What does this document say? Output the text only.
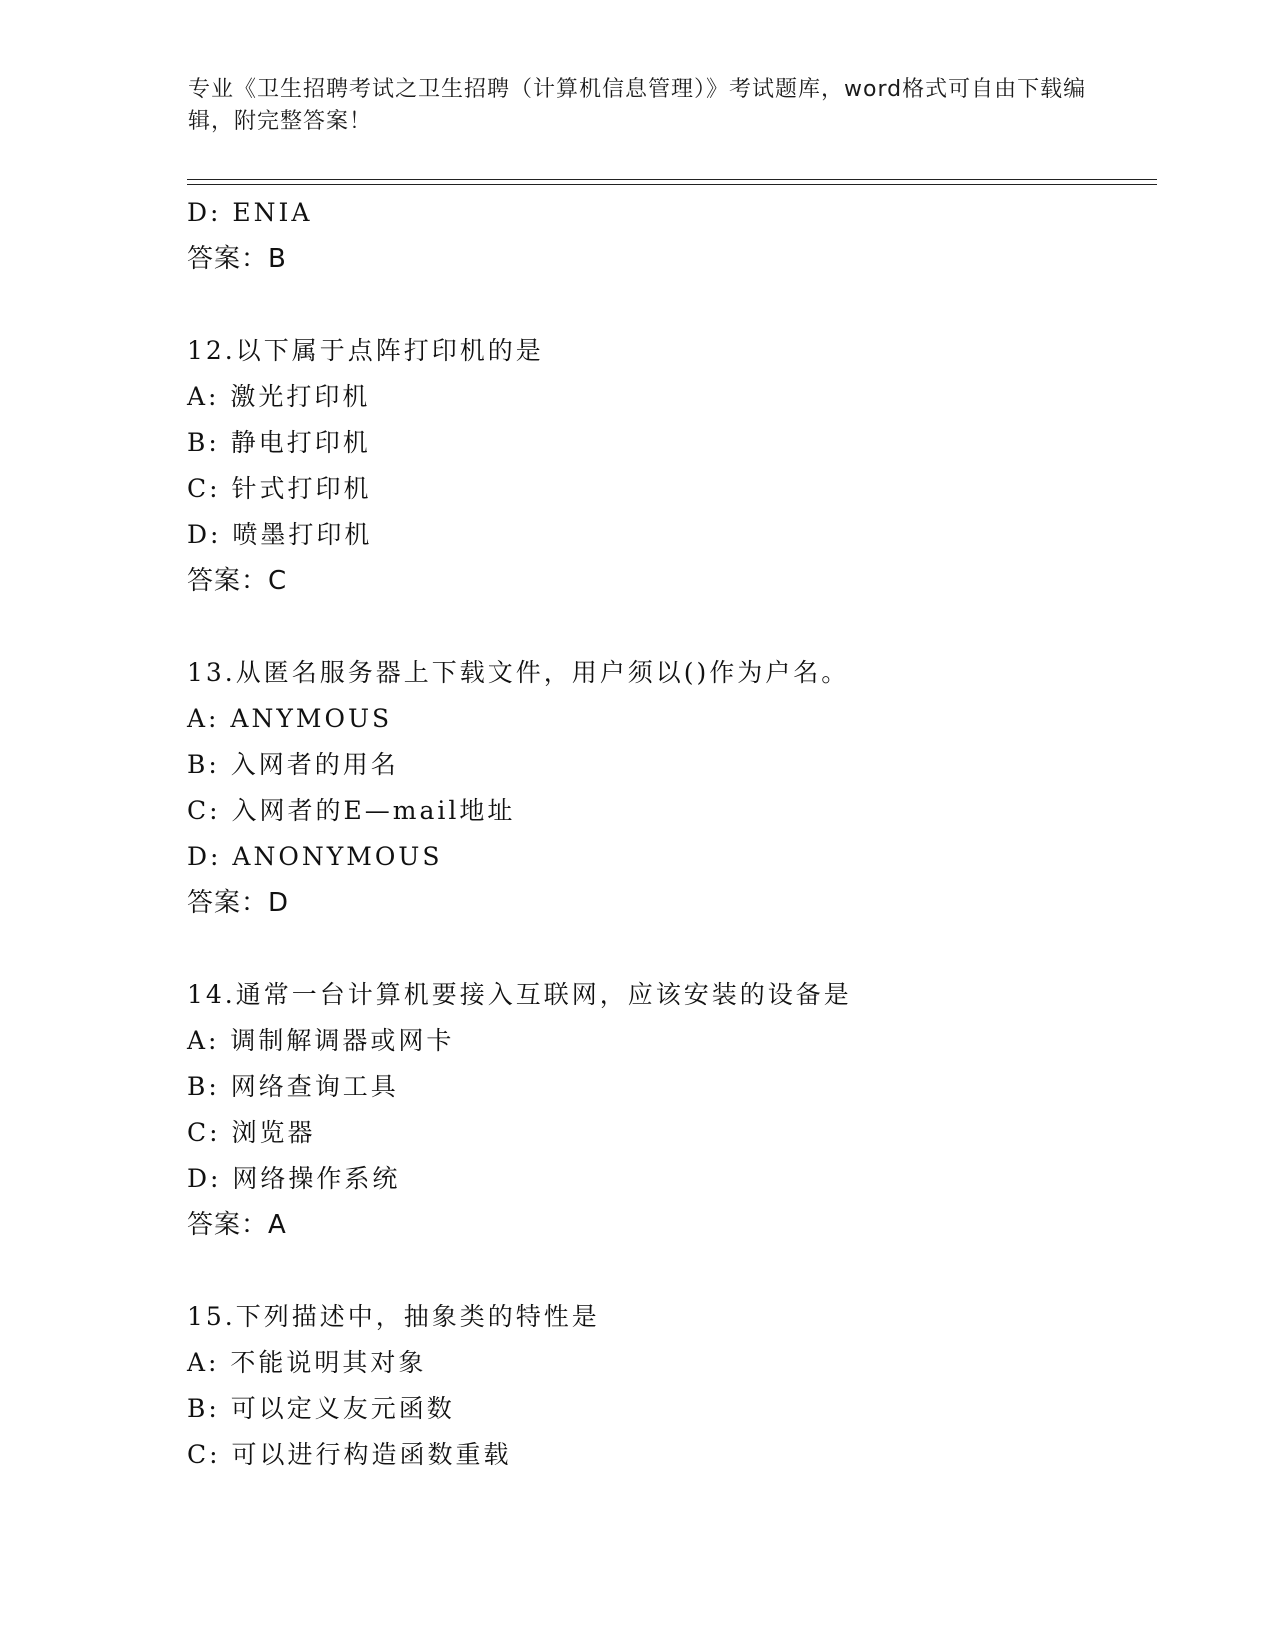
专业《卫生招聘考试之卫生招聘（计算机信息管理）》考试题库，word格式可自由下载编辑，附完整答案！
D: ENIA
答案：B
12.以下属于点阵打印机的是
A: 激光打印机
B: 静电打印机
C: 针式打印机
D: 喷墨打印机
答案：C
13.从匿名服务器上下载文件，用户须以()作为户名。
A: ANYMOUS
B: 入网者的用名
C: 入网者的E—mail地址
D: ANONYMOUS
答案：D
14.通常一台计算机要接入互联网，应该安装的设备是
A: 调制解调器或网卡
B: 网络查询工具
C: 浏览器
D: 网络操作系统
答案：A
15.下列描述中，抽象类的特性是
A: 不能说明其对象
B: 可以定义友元函数
C: 可以进行构造函数重载
